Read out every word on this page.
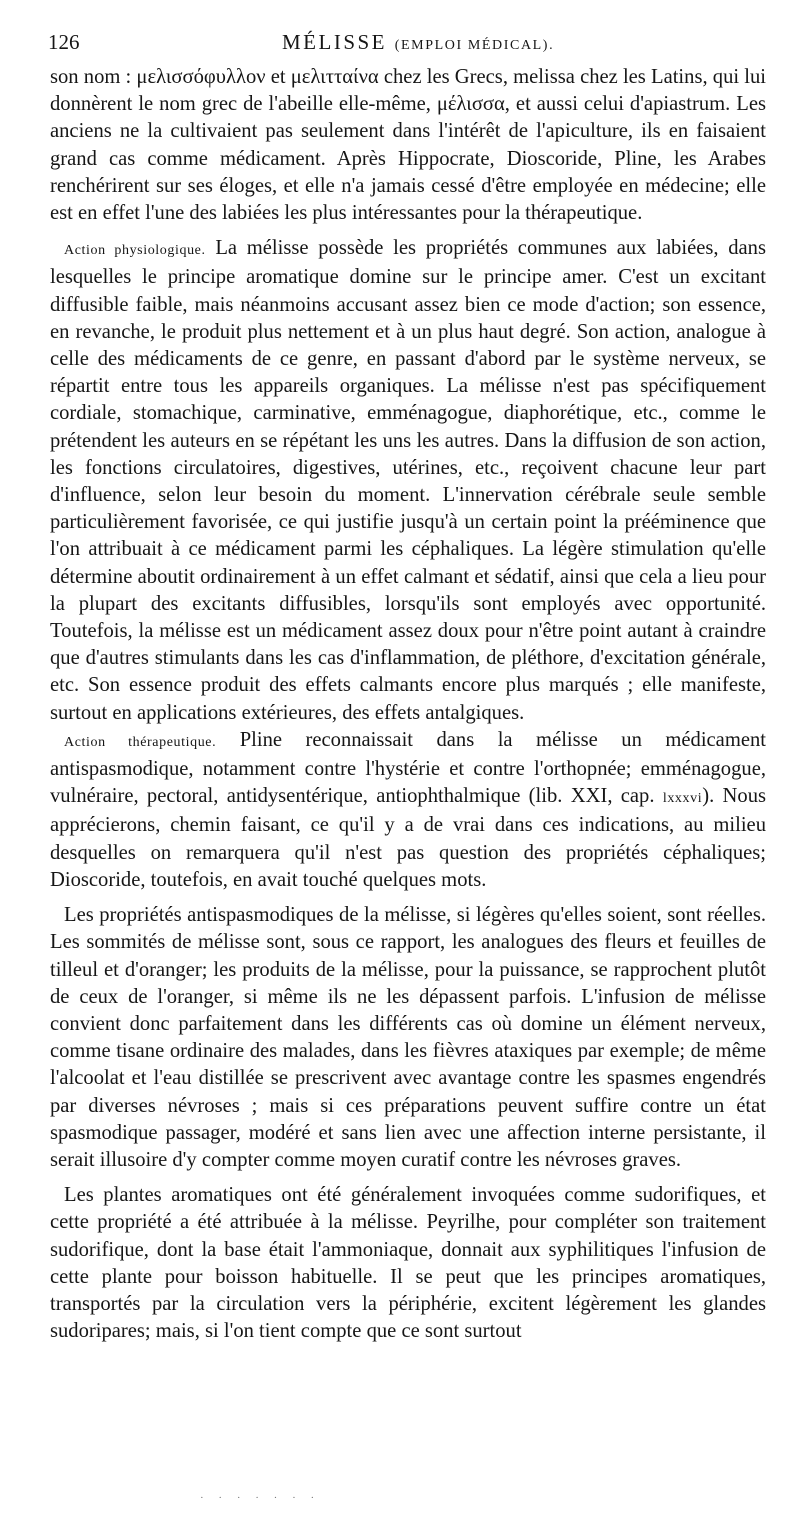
126	MÉLISSE (EMPLOI MÉDICAL).

son nom : μελισσόφυλλον et μελιτταίνα chez les Grecs, melissa chez les Latins, qui lui donnèrent le nom grec de l'abeille elle-même, μέλισσα, et aussi celui d'apiastrum. Les anciens ne la cultivaient pas seulement dans l'intérêt de l'apiculture, ils en faisaient grand cas comme médicament. Après Hippocrate, Dioscoride, Pline, les Arabes renchérirent sur ses éloges, et elle n'a jamais cessé d'être employée en médecine; elle est en effet l'une des labiées les plus intéressantes pour la thérapeutique.

Action physiologique. La mélisse possède les propriétés communes aux labiées, dans lesquelles le principe aromatique domine sur le principe amer. C'est un excitant diffusible faible, mais néanmoins accusant assez bien ce mode d'action; son essence, en revanche, le produit plus nettement et à un plus haut degré. Son action, analogue à celle des médicaments de ce genre, en passant d'abord par le système nerveux, se répartit entre tous les appareils organiques. La mélisse n'est pas spécifiquement cordiale, stomachique, carminative, emménagogue, diaphorétique, etc., comme le prétendent les auteurs en se répétant les uns les autres. Dans la diffusion de son action, les fonctions circulatoires, digestives, utérines, etc., reçoivent chacune leur part d'influence, selon leur besoin du moment. L'innervation cérébrale seule semble particulièrement favorisée, ce qui justifie jusqu'à un certain point la prééminence que l'on attribuait à ce médicament parmi les céphaliques. La légère stimulation qu'elle détermine aboutit ordinairement à un effet calmant et sédatif, ainsi que cela a lieu pour la plupart des excitants diffusibles, lorsqu'ils sont employés avec opportunité. Toutefois, la mélisse est un médicament assez doux pour n'être point autant à craindre que d'autres stimulants dans les cas d'inflammation, de pléthore, d'excitation générale, etc. Son essence produit des effets calmants encore plus marqués ; elle manifeste, surtout en applications extérieures, des effets antalgiques.

Action thérapeutique. Pline reconnaissait dans la mélisse un médicament antispasmodique, notamment contre l'hystérie et contre l'orthopnée; emménagogue, vulnéraire, pectoral, antidysentérique, antiophthalmique (lib. XXI, cap. lxxxvi). Nous apprécierons, chemin faisant, ce qu'il y a de vrai dans ces indications, au milieu desquelles on remarquera qu'il n'est pas question des propriétés céphaliques; Dioscoride, toutefois, en avait touché quelques mots.

Les propriétés antispasmodiques de la mélisse, si légères qu'elles soient, sont réelles. Les sommités de mélisse sont, sous ce rapport, les analogues des fleurs et feuilles de tilleul et d'oranger; les produits de la mélisse, pour la puissance, se rapprochent plutôt de ceux de l'oranger, si même ils ne les dépassent parfois. L'infusion de mélisse convient donc parfaitement dans les différents cas où domine un élément nerveux, comme tisane ordinaire des malades, dans les fièvres ataxiques par exemple; de même l'alcoolat et l'eau distillée se prescrivent avec avantage contre les spasmes engendrés par diverses névroses ; mais si ces préparations peuvent suffire contre un état spasmodique passager, modéré et sans lien avec une affection interne persistante, il serait illusoire d'y compter comme moyen curatif contre les névroses graves.

Les plantes aromatiques ont été généralement invoquées comme sudorifiques, et cette propriété a été attribuée à la mélisse. Peyrilhe, pour compléter son traitement sudorifique, dont la base était l'ammoniaque, donnait aux syphilitiques l'infusion de cette plante pour boisson habituelle. Il se peut que les principes aromatiques, transportés par la circulation vers la périphérie, excitent légèrement les glandes sudoripares; mais, si l'on tient compte que ce sont surtout

· · · · · · ·
